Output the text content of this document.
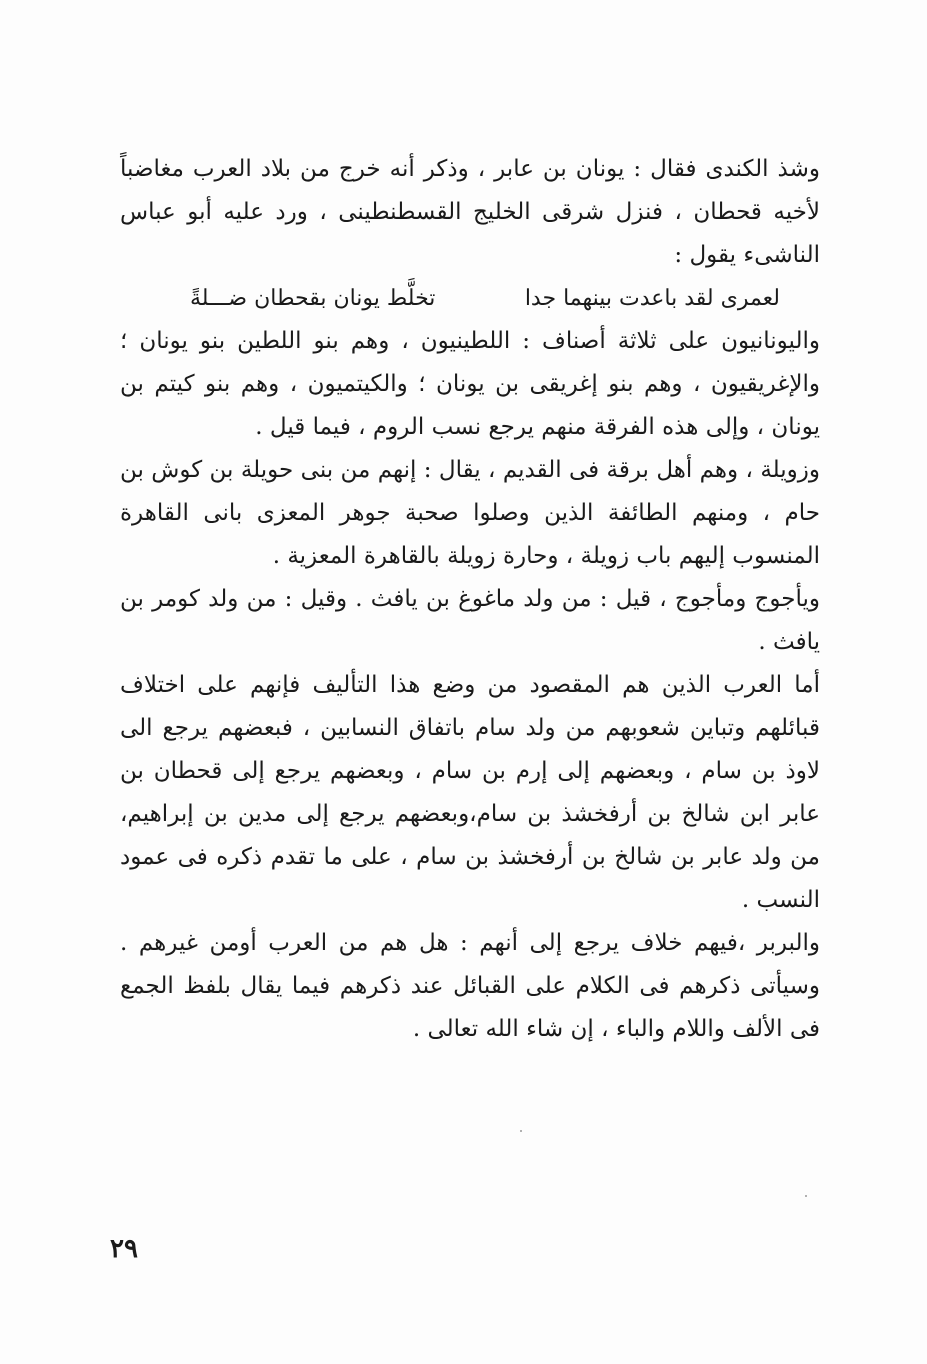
وشذ الكندى فقال : يونان بن عابر ، وذكر أنه خرج من بلاد العرب مغاضباً لأخيه قحطان ، فنزل شرقى الخليج القسطنطينى ، ورد عليه أبو عباس الناشىء يقول :

لعمرى لقد باعدت بينهما جدا
تخلَّط يونان بقحطان ضـــلةً

واليونانيون على ثلاثة أصناف : اللطينيون ، وهم بنو اللطين بنو يونان ؛ والإغريقيون ، وهم بنو إغريقى بن يونان ؛ والكيتميون ، وهم بنو كيتم بن يونان ، وإلى هذه الفرقة منهم يرجع نسب الروم ، فيما قيل .

وزويلة ، وهم أهل برقة فى القديم ، يقال : إنهم من بنى حويلة بن كوش بن حام ، ومنهم الطائفة الذين وصلوا صحبة جوهر المعزى بانى القاهرة المنسوب إليهم باب زويلة ، وحارة زويلة بالقاهرة المعزية .

ويأجوج ومأجوج ، قيل : من ولد ماغوغ بن يافث . وقيل : من ولد كومر بن يافث .

أما العرب الذين هم المقصود من وضع هذا التأليف فإنهم على اختلاف قبائلهم وتباين شعوبهم من ولد سام باتفاق النسابين ، فبعضهم يرجع الى لاوذ بن سام ، وبعضهم إلى إرم بن سام ، وبعضهم يرجع إلى قحطان بن عابر ابن شالخ بن أرفخشذ بن سام،وبعضهم يرجع إلى مدين بن إبراهيم، من ولد عابر بن شالخ بن أرفخشذ بن سام ، على ما تقدم ذكره فى عمود النسب .

والبربر ،فيهم خلاف يرجع إلى أنهم : هل هم من العرب أومن غيرهم . وسيأتى ذكرهم فى الكلام على القبائل عند ذكرهم فيما يقال بلفظ الجمع فى الألف واللام والباء ، إن شاء الله تعالى .

٢٩
